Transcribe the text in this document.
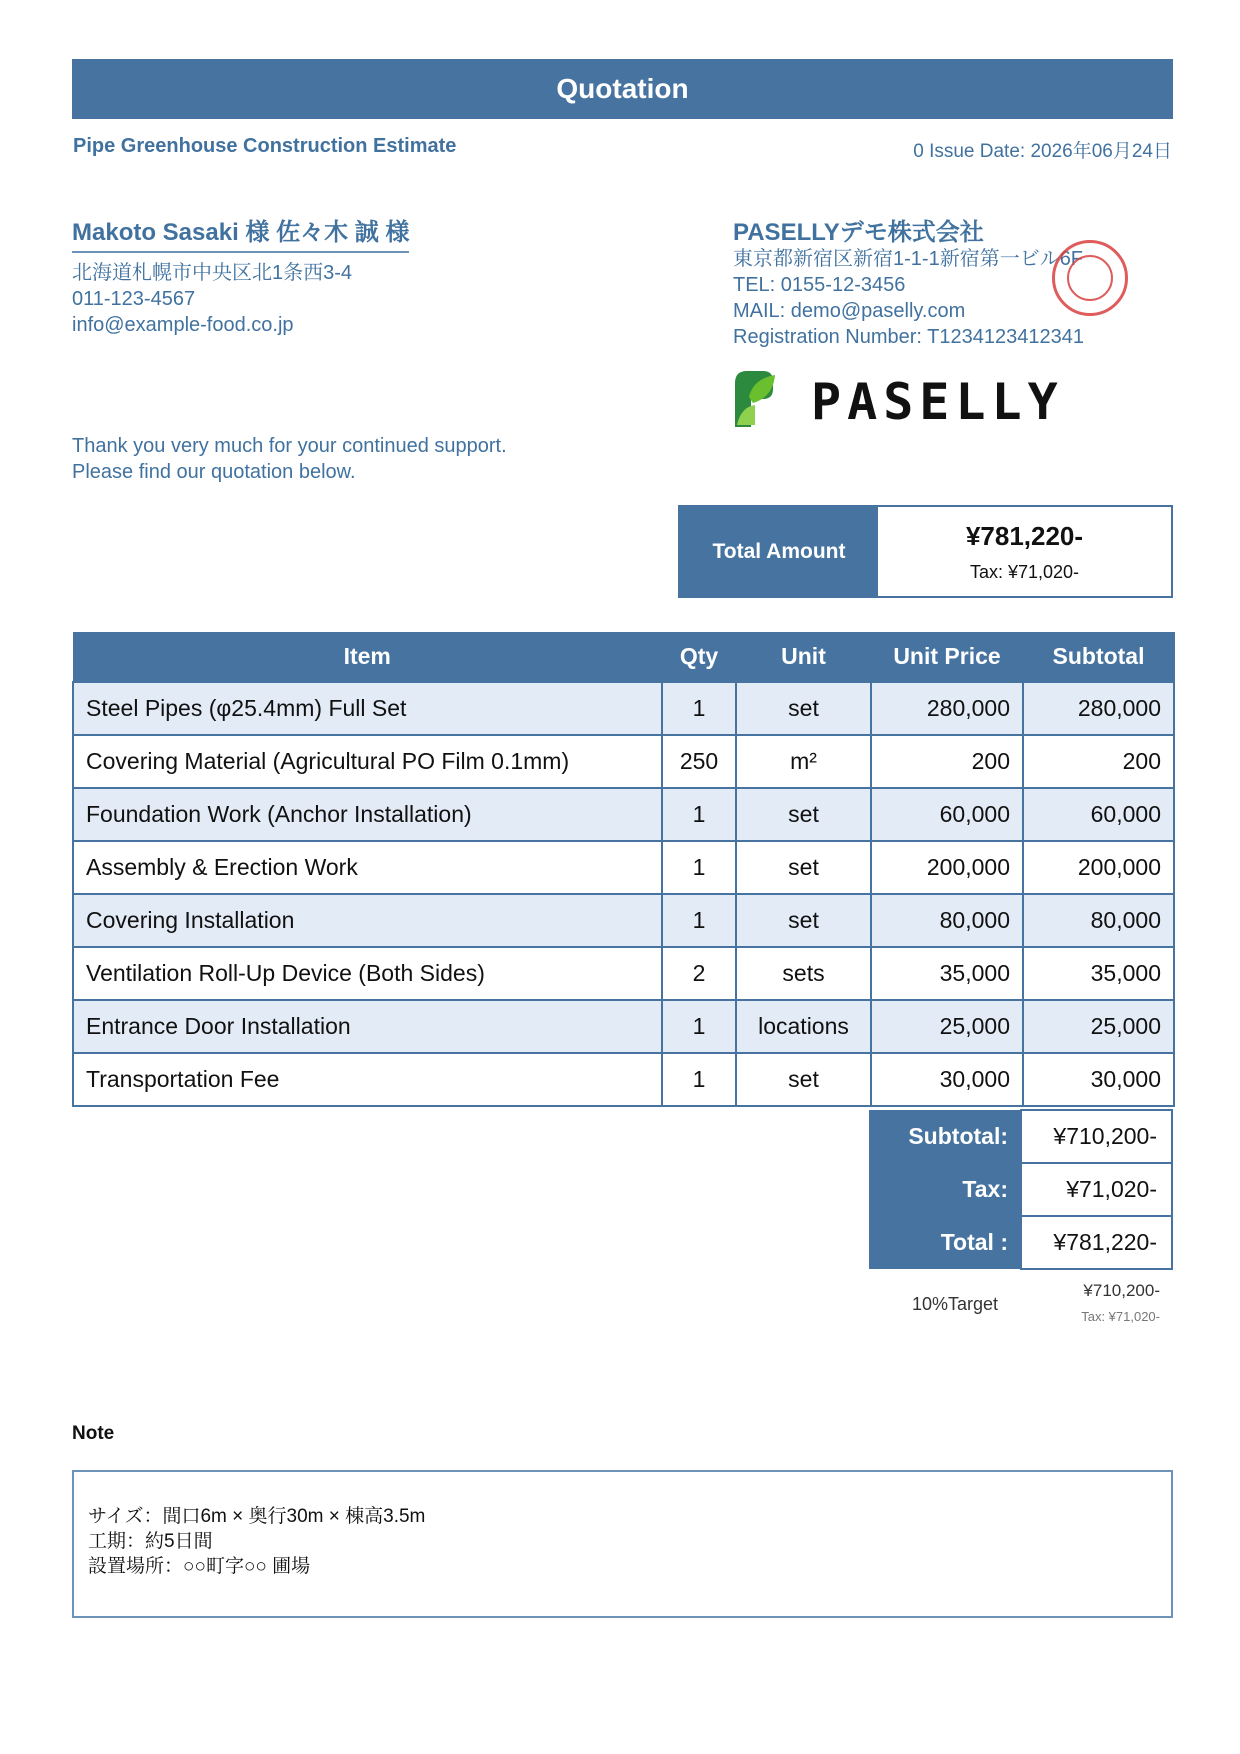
Quotation
Pipe Greenhouse Construction Estimate	0 Issue Date: 2026年06月24日
Makoto Sasaki 様 佐々木 誠 様
北海道札幌市中央区北1条西3-4
011-123-4567
info@example-food.co.jp
PASELLYデモ株式会社
東京都新宿区新宿1-1-1新宿第一ビル6F
TEL: 0155-12-3456
MAIL: demo@paselly.com
Registration Number: T1234123412341
PASELLY
Thank you very much for your continued support.
Please find our quotation below.
Total Amount
¥781,220-
Tax: ¥71,020-
Item	Qty	Unit	Unit Price	Subtotal
Steel Pipes (φ25.4mm) Full Set	1	set	280,000	280,000
Covering Material (Agricultural PO Film 0.1mm)	250	m²	200	200
Foundation Work (Anchor Installation)	1	set	60,000	60,000
Assembly & Erection Work	1	set	200,000	200,000
Covering Installation	1	set	80,000	80,000
Ventilation Roll-Up Device (Both Sides)	2	sets	35,000	35,000
Entrance Door Installation	1	locations	25,000	25,000
Transportation Fee	1	set	30,000	30,000
Subtotal:	¥710,200-
Tax:	¥71,020-
Total :	¥781,220-
10%Target
¥710,200-
Tax: ¥71,020-
Note
サイズ：間口6m × 奥行30m × 棟高3.5m
工期：約5日間
設置場所：○○町字○○ 圃場
